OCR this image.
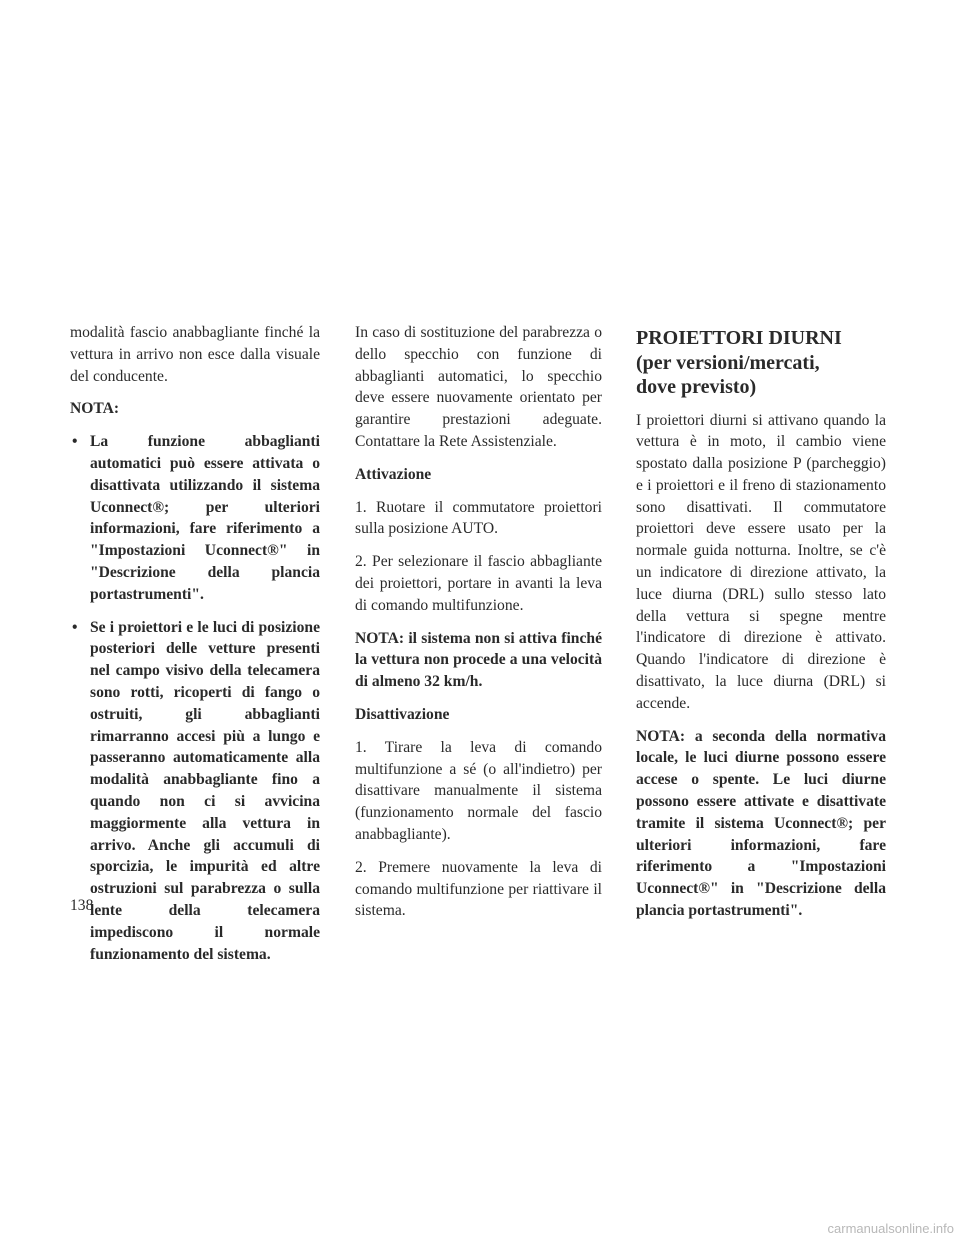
modalità fascio anabbagliante finché la vettura in arrivo non esce dalla visuale del conducente.

NOTA:

• La funzione abbaglianti automatici può essere attivata o disattivata utilizzando il sistema Uconnect®; per ulteriori informazioni, fare riferimento a "Impostazioni Uconnect®" in "Descrizione della plancia portastrumenti".
• Se i proiettori e le luci di posizione posteriori delle vetture presenti nel campo visivo della telecamera sono rotti, ricoperti di fango o ostruiti, gli abbaglianti rimarranno accesi più a lungo e passeranno automaticamente alla modalità anabbagliante fino a quando non ci si avvicina maggiormente alla vettura in arrivo. Anche gli accumuli di sporcizia, le impurità ed altre ostruzioni sul parabrezza o sulla lente della telecamera impediscono il normale funzionamento del sistema.

In caso di sostituzione del parabrezza o dello specchio con funzione di abbaglianti automatici, lo specchio deve essere nuovamente orientato per garantire prestazioni adeguate. Contattare la Rete Assistenziale.

Attivazione

1. Ruotare il commutatore proiettori sulla posizione AUTO.

2. Per selezionare il fascio abbagliante dei proiettori, portare in avanti la leva di comando multifunzione.

NOTA: il sistema non si attiva finché la vettura non procede a una velocità di almeno 32 km/h.

Disattivazione

1. Tirare la leva di comando multifunzione a sé (o all'indietro) per disattivare manualmente il sistema (funzionamento normale del fascio anabbagliante).

2. Premere nuovamente la leva di comando multifunzione per riattivare il sistema.

PROIETTORI DIURNI
(per versioni/mercati,
dove previsto)

I proiettori diurni si attivano quando la vettura è in moto, il cambio viene spostato dalla posizione P (parcheggio) e i proiettori e il freno di stazionamento sono disattivati. Il commutatore proiettori deve essere usato per la normale guida notturna. Inoltre, se c'è un indicatore di direzione attivato, la luce diurna (DRL) sullo stesso lato della vettura si spegne mentre l'indicatore di direzione è attivato. Quando l'indicatore di direzione è disattivato, la luce diurna (DRL) si accende.

NOTA: a seconda della normativa locale, le luci diurne possono essere accese o spente. Le luci diurne possono essere attivate e disattivate tramite il sistema Uconnect®; per ulteriori informazioni, fare riferimento a "Impostazioni Uconnect®" in "Descrizione della plancia portastrumenti".

138
carmanualsonline.info
